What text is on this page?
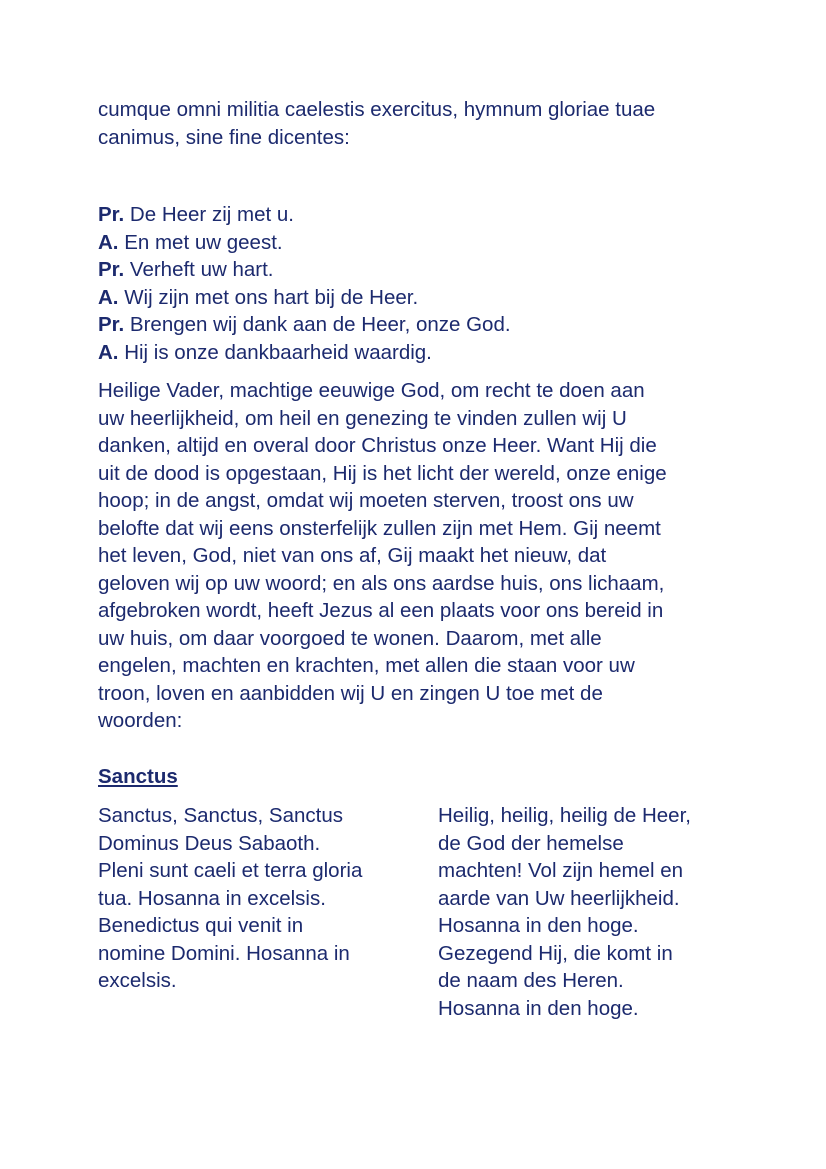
cumque omni militia caelestis exercitus, hymnum gloriae tuae
canimus, sine fine dicentes:
Pr. De Heer zij met u.
A. En met uw geest.
Pr. Verheft uw hart.
A. Wij zijn met ons hart bij de Heer.
Pr. Brengen wij dank aan de Heer, onze God.
A. Hij is onze dankbaarheid waardig.
Heilige Vader, machtige eeuwige God, om recht te doen aan
uw heerlijkheid, om heil en genezing te vinden zullen wij U
danken, altijd en overal door Christus onze Heer. Want Hij die
uit de dood is opgestaan, Hij is het licht der wereld, onze enige
hoop; in de angst, omdat wij moeten sterven, troost ons uw
belofte dat wij eens onsterfelijk zullen zijn met Hem. Gij neemt
het leven, God, niet van ons af, Gij maakt het nieuw, dat
geloven wij op uw woord; en als ons aardse huis, ons lichaam,
afgebroken wordt, heeft Jezus al een plaats voor ons bereid in
uw huis, om daar voorgoed te wonen. Daarom, met alle
engelen, machten en krachten, met allen die staan voor uw
troon, loven en aanbidden wij U en zingen U toe met de
woorden:
Sanctus
Sanctus, Sanctus, Sanctus
Dominus Deus Sabaoth.
Pleni sunt caeli et terra gloria
tua. Hosanna in excelsis.
Benedictus qui venit in
nomine Domini. Hosanna in
excelsis.
Heilig, heilig, heilig de Heer,
de God der hemelse
machten! Vol zijn hemel en
aarde van Uw heerlijkheid.
Hosanna in den hoge.
Gezegend Hij, die komt in
de naam des Heren.
Hosanna in den hoge.
